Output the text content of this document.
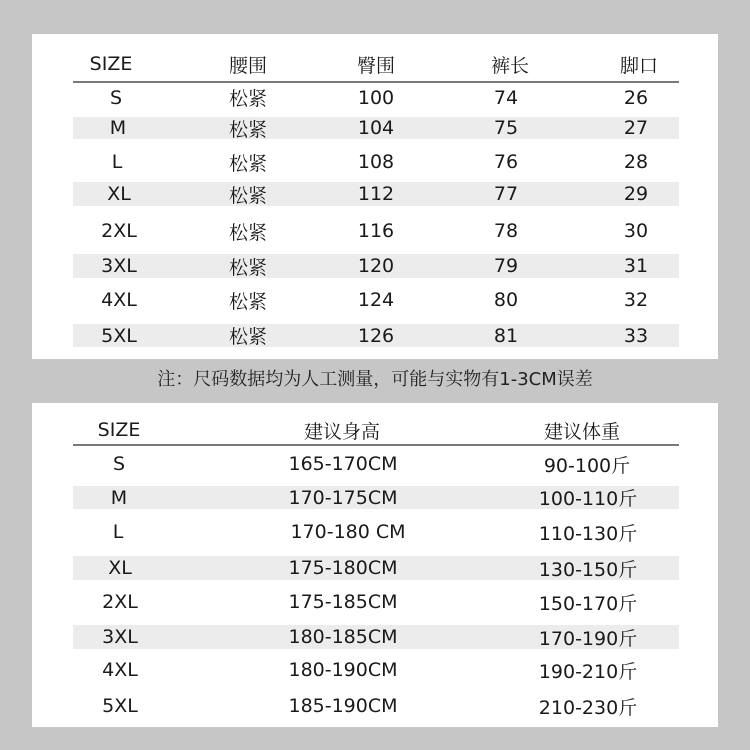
SIZE	腰围	臀围	裤长	脚口
S	松紧	100	74	26
M	松紧	104	75	27
L	松紧	108	76	28
XL	松紧	112	77	29
2XL	松紧	116	78	30
3XL	松紧	120	79	31
4XL	松紧	124	80	32
5XL	松紧	126	81	33
注：尺码数据均为人工测量，可能与实物有1-3CM误差
SIZE	建议身高	建议体重
S	165-170CM	90-100斤
M	170-175CM	100-110斤
L	170-180 CM	110-130斤
XL	175-180CM	130-150斤
2XL	175-185CM	150-170斤
3XL	180-185CM	170-190斤
4XL	180-190CM	190-210斤
5XL	185-190CM	210-230斤
